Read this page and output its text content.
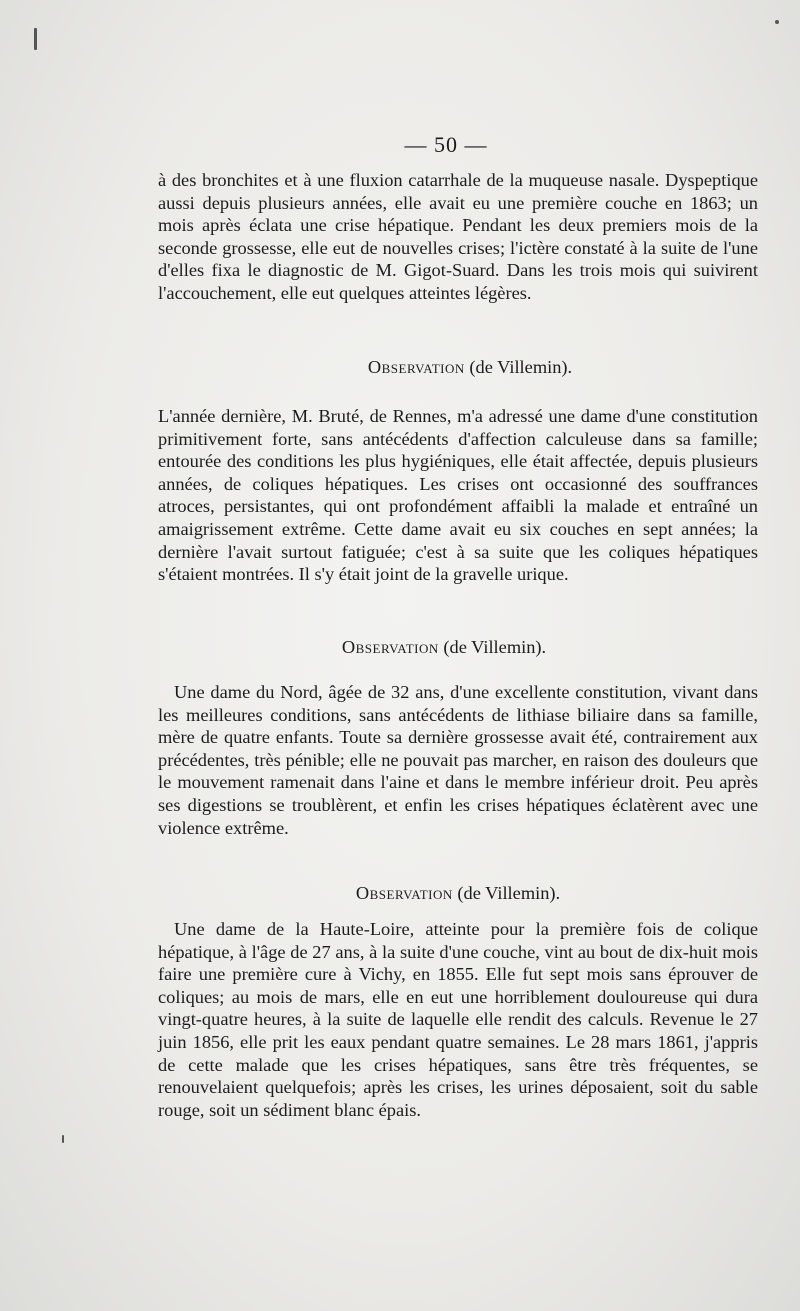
— 50 —

à des bronchites et à une fluxion catarrhale de la muqueuse nasale. Dyspeptique aussi depuis plusieurs années, elle avait eu une première couche en 1863; un mois après éclata une crise hépatique. Pendant les deux premiers mois de la seconde grossesse, elle eut de nouvelles crises; l'ictère constaté à la suite de l'une d'elles fixa le diagnostic de M. Gigot-Suard. Dans les trois mois qui suivirent l'accouchement, elle eut quelques atteintes légères.

Observation (de Villemin).

L'année dernière, M. Bruté, de Rennes, m'a adressé une dame d'une constitution primitivement forte, sans antécédents d'affection calculeuse dans sa famille; entourée des conditions les plus hygiéniques, elle était affectée, depuis plusieurs années, de coliques hépatiques. Les crises ont occasionné des souffrances atroces, persistantes, qui ont profondément affaibli la malade et entraîné un amaigrissement extrême. Cette dame avait eu six couches en sept années; la dernière l'avait surtout fatiguée; c'est à sa suite que les coliques hépatiques s'étaient montrées. Il s'y était joint de la gravelle urique.

Observation (de Villemin).

Une dame du Nord, âgée de 32 ans, d'une excellente constitution, vivant dans les meilleures conditions, sans antécédents de lithiase biliaire dans sa famille, mère de quatre enfants. Toute sa dernière grossesse avait été, contrairement aux précédentes, très pénible; elle ne pouvait pas marcher, en raison des douleurs que le mouvement ramenait dans l'aine et dans le membre inférieur droit. Peu après ses digestions se troublèrent, et enfin les crises hépatiques éclatèrent avec une violence extrême.

Observation (de Villemin).

Une dame de la Haute-Loire, atteinte pour la première fois de colique hépatique, à l'âge de 27 ans, à la suite d'une couche, vint au bout de dix-huit mois faire une première cure à Vichy, en 1855. Elle fut sept mois sans éprouver de coliques; au mois de mars, elle en eut une horriblement douloureuse qui dura vingt-quatre heures, à la suite de laquelle elle rendit des calculs. Revenue le 27 juin 1856, elle prit les eaux pendant quatre semaines. Le 28 mars 1861, j'appris de cette malade que les crises hépatiques, sans être très fréquentes, se renouvelaient quelquefois; après les crises, les urines déposaient, soit du sable rouge, soit un sédiment blanc épais.
